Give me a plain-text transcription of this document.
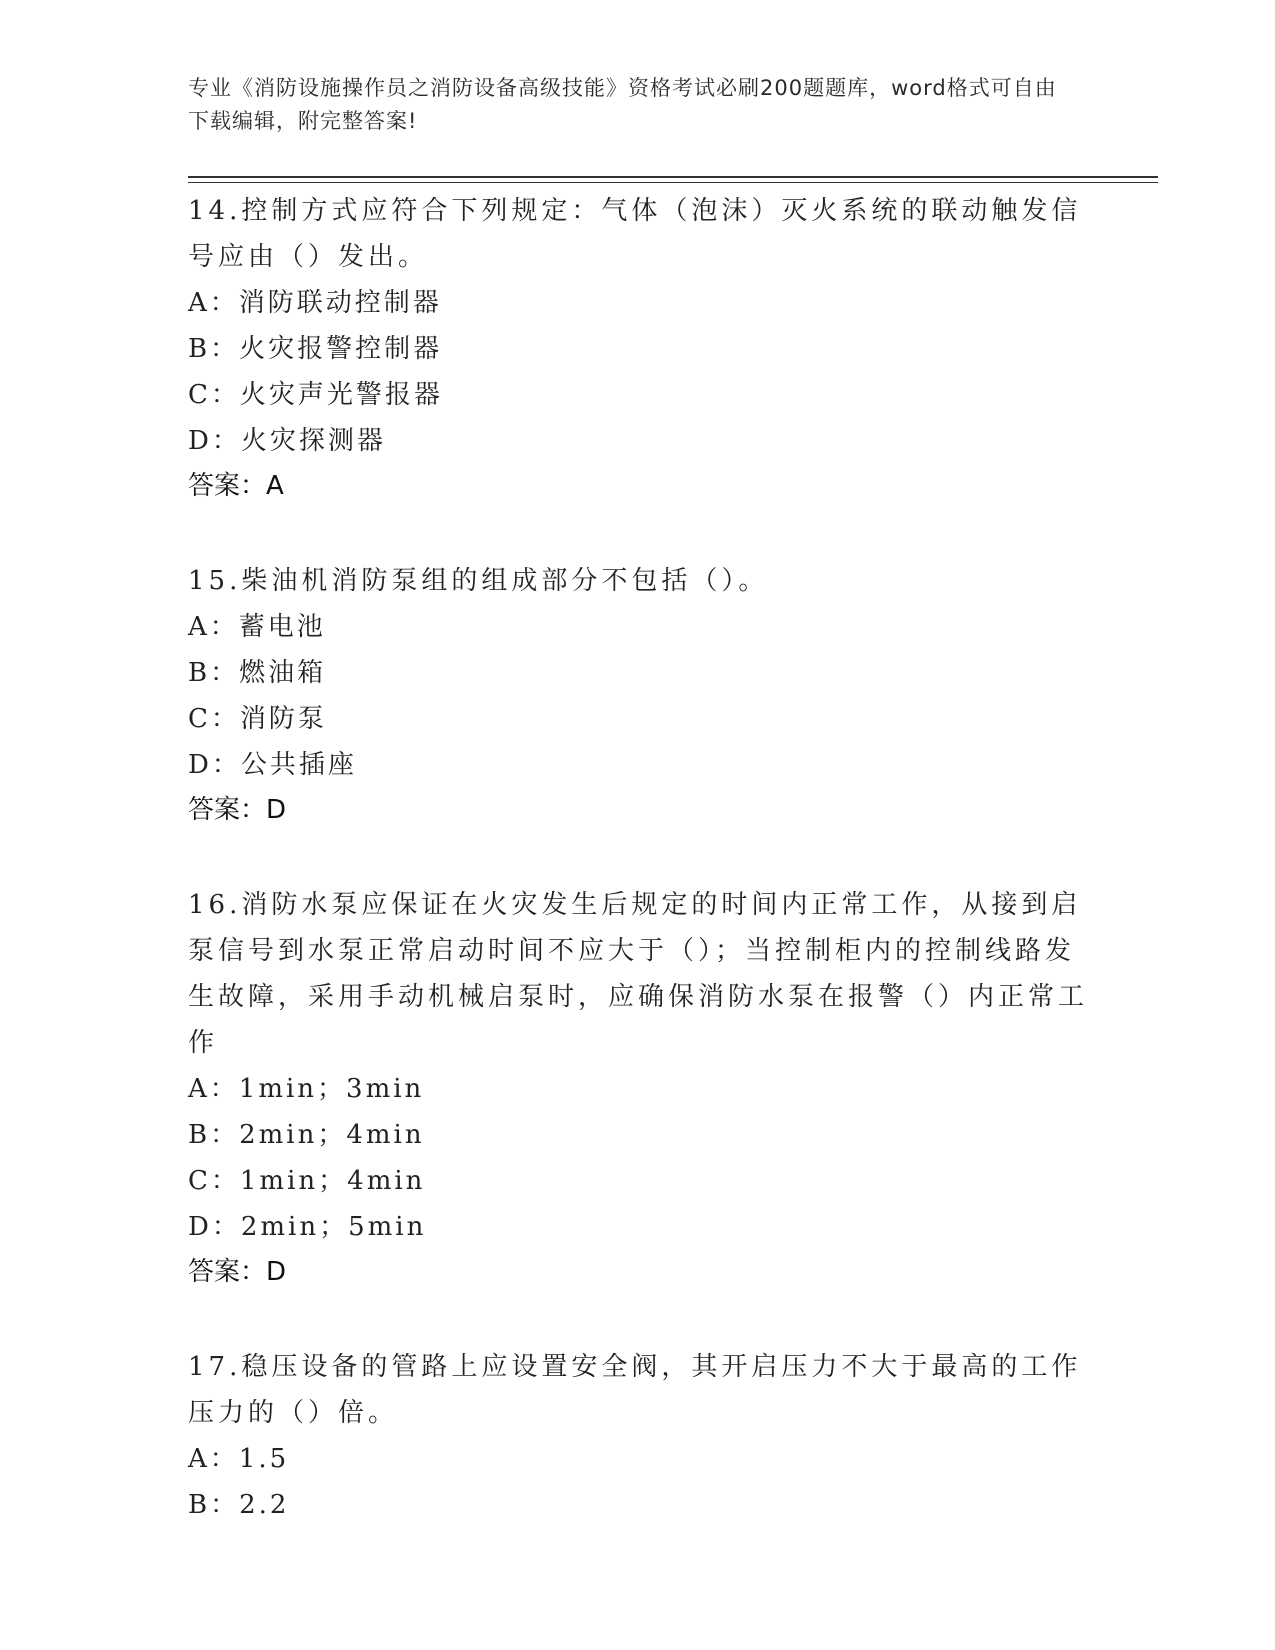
专业《消防设施操作员之消防设备高级技能》资格考试必刷200题题库，word格式可自由下载编辑，附完整答案!
14.控制方式应符合下列规定：气体（泡沫）灭火系统的联动触发信号应由（）发出。
A：消防联动控制器
B：火灾报警控制器
C：火灾声光警报器
D：火灾探测器
答案：A
15.柴油机消防泵组的组成部分不包括（）。
A：蓄电池
B：燃油箱
C：消防泵
D：公共插座
答案：D
16.消防水泵应保证在火灾发生后规定的时间内正常工作，从接到启泵信号到水泵正常启动时间不应大于（）；当控制柜内的控制线路发生故障，采用手动机械启泵时，应确保消防水泵在报警（）内正常工作
A：1min；3min
B：2min；4min
C：1min；4min
D：2min；5min
答案：D
17.稳压设备的管路上应设置安全阀，其开启压力不大于最高的工作压力的（）倍。
A：1.5
B：2.2
